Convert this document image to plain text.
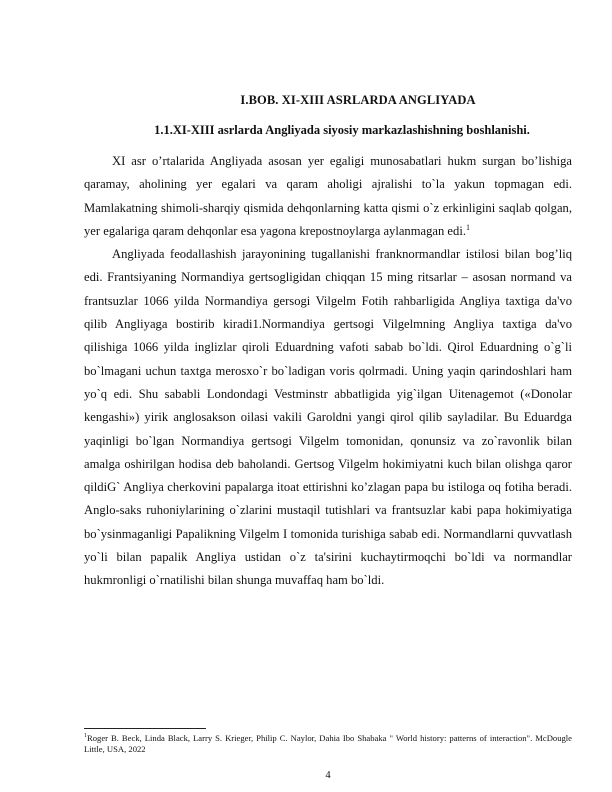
I.BOB. XI-XIII ASRLARDA ANGLIYADA
1.1.XI-XIII asrlarda Angliyada siyosiy markazlashishning boshlanishi.

XI asr o’rtalarida Angliyada asosan yer egaligi munosabatlari hukm surgan bo’lishiga qaramay, aholining yer egalari va qaram aholigi ajralishi to`la yakun topmagan edi. Mamlakatning shimoli-sharqiy qismida dehqonlarning katta qismi o`z erkinligini saqlab qolgan, yer egalariga qaram dehqonlar esa yagona krepostnoylarga aylanmagan edi.$^1$

Angliyada feodallashish jarayonining tugallanishi franknormandlar istilosi bilan bog’liq edi. Frantsiyaning Normandiya gertsogligidan chiqqan 15 ming ritsarlar – asosan normand va frantsuzlar 1066 yilda Normandiya gersogi Vilgelm Fotih rahbarligida Angliya taxtiga da'vo qilib Angliyaga bostirib kiradi1.Normandiya gertsogi Vilgelmning Angliya taxtiga da'vo qilishiga 1066 yilda inglizlar qiroli Eduardning vafoti sabab bo`ldi. Qirol Eduardning o`g`li bo`lmagani uchun taxtga merosxo`r bo`ladigan voris qolrmadi. Uning yaqin qarindoshlari ham yo`q edi. Shu sababli Londondagi Vestminstr abbatligida yig`ilgan Uitenagemot («Donolar kengashi») yirik anglosakson oilasi vakili Garoldni yangi qirol qilib sayladilar. Bu Eduardga yaqinligi bo`lgan Normandiya gertsogi Vilgelm tomonidan, qonunsiz va zo`ravonlik bilan amalga oshirilgan hodisa deb baholandi. Gertsog Vilgelm hokimiyatni kuch bilan olishga qaror qildiG` Angliya cherkovini papalarga itoat ettirishni ko’zlagan papa bu istiloga oq fotiha beradi. Anglo-saks ruhoniylarining o`zlarini mustaqil tutishlari va frantsuzlar kabi papa hokimiyatiga bo`ysinmaganligi Papalikning Vilgelm I tomonida turishiga sabab edi. Normandlarni quvvatlash yo`li bilan papalik Angliya ustidan o`z ta'sirini kuchaytirmoqchi bo`ldi va normandlar hukmronligi o`rnatilishi bilan shunga muvaffaq ham bo`ldi.

$^1$Roger B. Beck, Linda Black, Larry S. Krieger, Philip C. Naylor, Dahia Ibo Shabaka " World history: patterns of interaction". McDougle Little, USA, 2022
4
